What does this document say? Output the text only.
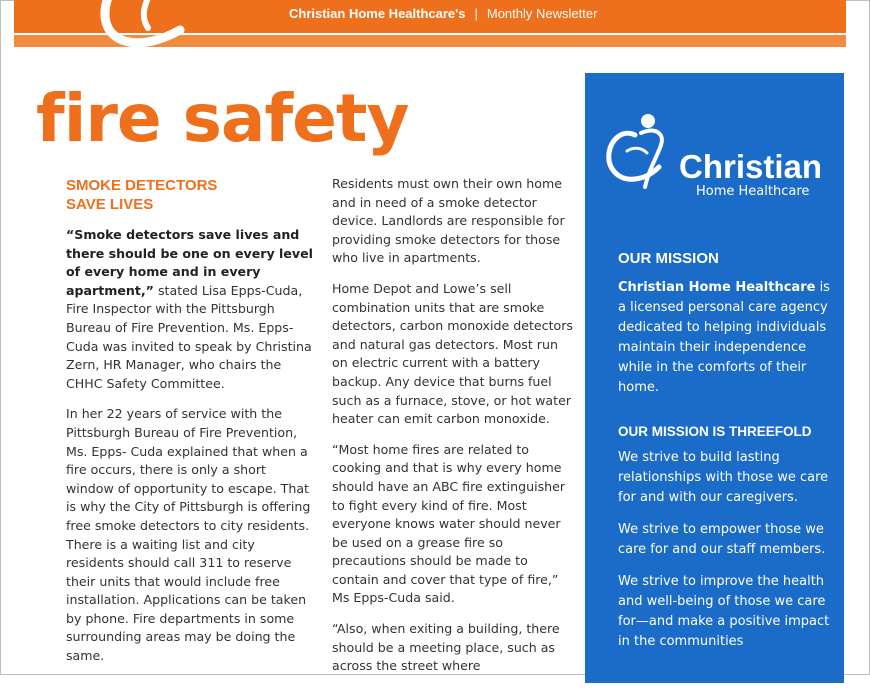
Christian Home Healthcare's | Monthly Newsletter
fire safety
SMOKE DETECTORS
SAVE LIVES

“Smoke detectors save lives and there should be one on every level of every home and in every apartment,” stated Lisa Epps-Cuda, Fire Inspector with the Pittsburgh Bureau of Fire Prevention. Ms. Epps-Cuda was invited to speak by Christina Zern, HR Manager, who chairs the CHHC Safety Committee.

In her 22 years of service with the Pittsburgh Bureau of Fire Prevention, Ms. Epps- Cuda explained that when a fire occurs, there is only a short window of opportunity to escape. That is why the City of Pittsburgh is offering free smoke detectors to city residents. There is a waiting list and city residents should call 311 to reserve their units that would include free installation. Applications can be taken by phone. Fire departments in some surrounding areas may be doing the same.

Residents must own their own home and in need of a smoke detector device. Landlords are responsible for providing smoke detectors for those who live in apartments.

Home Depot and Lowe’s sell combination units that are smoke detectors, carbon monoxide detectors and natural gas detectors. Most run on electric current with a battery backup. Any device that burns fuel such as a furnace, stove, or hot water heater can emit carbon monoxide.

“Most home fires are related to cooking and that is why every home should have an ABC fire extinguisher to fight every kind of fire. Most everyone knows water should never be used on a grease fire so precautions should be made to contain and cover that type of fire,” Ms Epps-Cuda said.

“Also, when exiting a building, there should be a meeting place, such as across the street where

Christian
Home Healthcare
OUR MISSION

Christian Home Healthcare is a licensed personal care agency dedicated to helping individuals maintain their independence while in the comforts of their home.

OUR MISSION IS THREEFOLD

We strive to build lasting relationships with those we care for and with our caregivers.

We strive to empower those we care for and our staff members.

We strive to improve the health and well-being of those we care for—and make a positive impact in the communities
